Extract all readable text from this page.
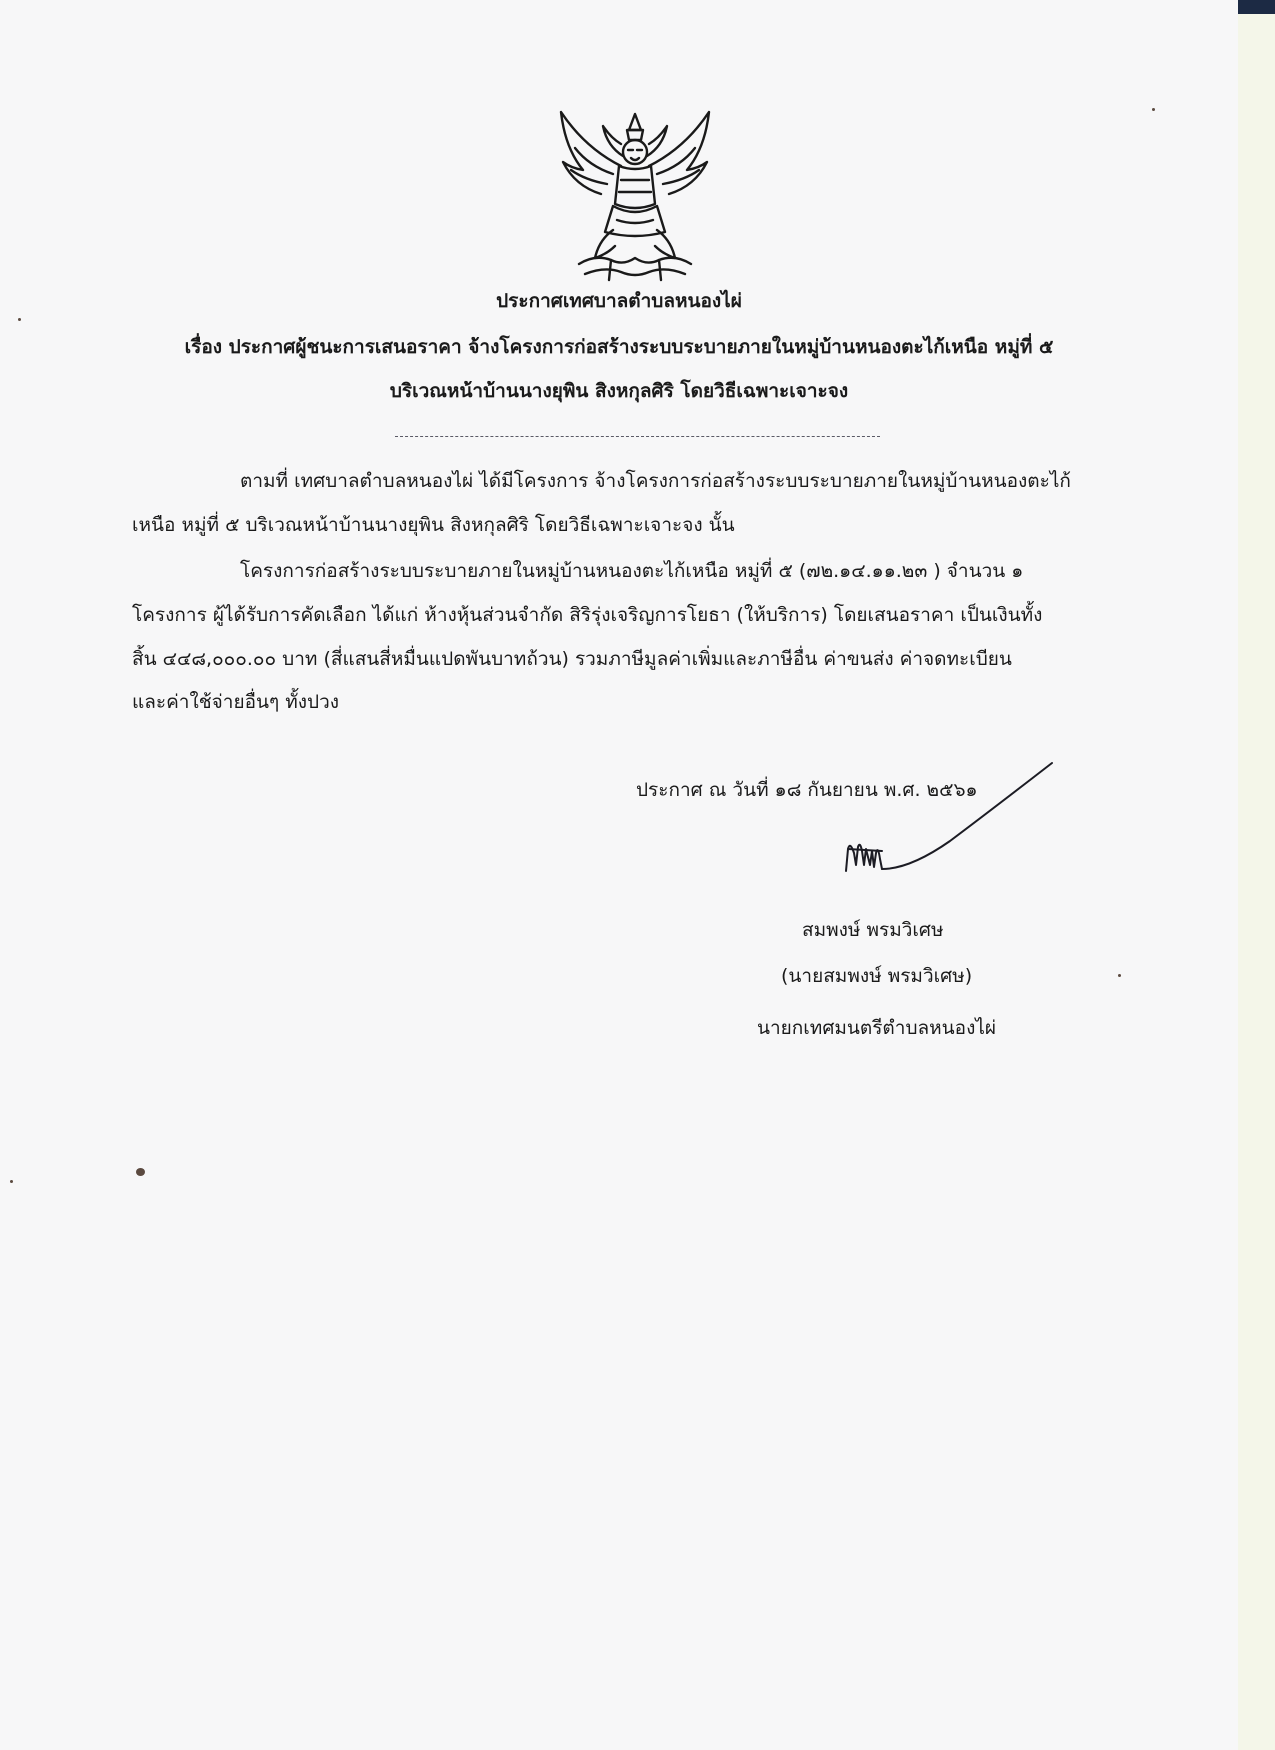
ประกาศเทศบาลตำบลหนองไผ่
เรื่อง ประกาศผู้ชนะการเสนอราคา จ้างโครงการก่อสร้างระบบระบายภายในหมู่บ้านหนองตะไก้เหนือ หมู่ที่ ๕
บริเวณหน้าบ้านนางยุพิน สิงหกุลศิริ โดยวิธีเฉพาะเจาะจง
ตามที่ เทศบาลตำบลหนองไผ่ ได้มีโครงการ จ้างโครงการก่อสร้างระบบระบายภายในหมู่บ้านหนองตะไก้
เหนือ หมู่ที่ ๕ บริเวณหน้าบ้านนางยุพิน สิงหกุลศิริ โดยวิธีเฉพาะเจาะจง นั้น
โครงการก่อสร้างระบบระบายภายในหมู่บ้านหนองตะไก้เหนือ หมู่ที่ ๕ (๗๒.๑๔.๑๑.๒๓ ) จำนวน ๑
โครงการ ผู้ได้รับการคัดเลือก ได้แก่ ห้างหุ้นส่วนจำกัด สิริรุ่งเจริญการโยธา (ให้บริการ) โดยเสนอราคา เป็นเงินทั้ง
สิ้น ๔๔๘,๐๐๐.๐๐ บาท (สี่แสนสี่หมื่นแปดพันบาทถ้วน) รวมภาษีมูลค่าเพิ่มและภาษีอื่น ค่าขนส่ง ค่าจดทะเบียน
และค่าใช้จ่ายอื่นๆ ทั้งปวง
ประกาศ ณ วันที่ ๑๘ กันยายน พ.ศ. ๒๕๖๑
สมพงษ์ พรมวิเศษ
(นายสมพงษ์ พรมวิเศษ)
นายกเทศมนตรีตำบลหนองไผ่
